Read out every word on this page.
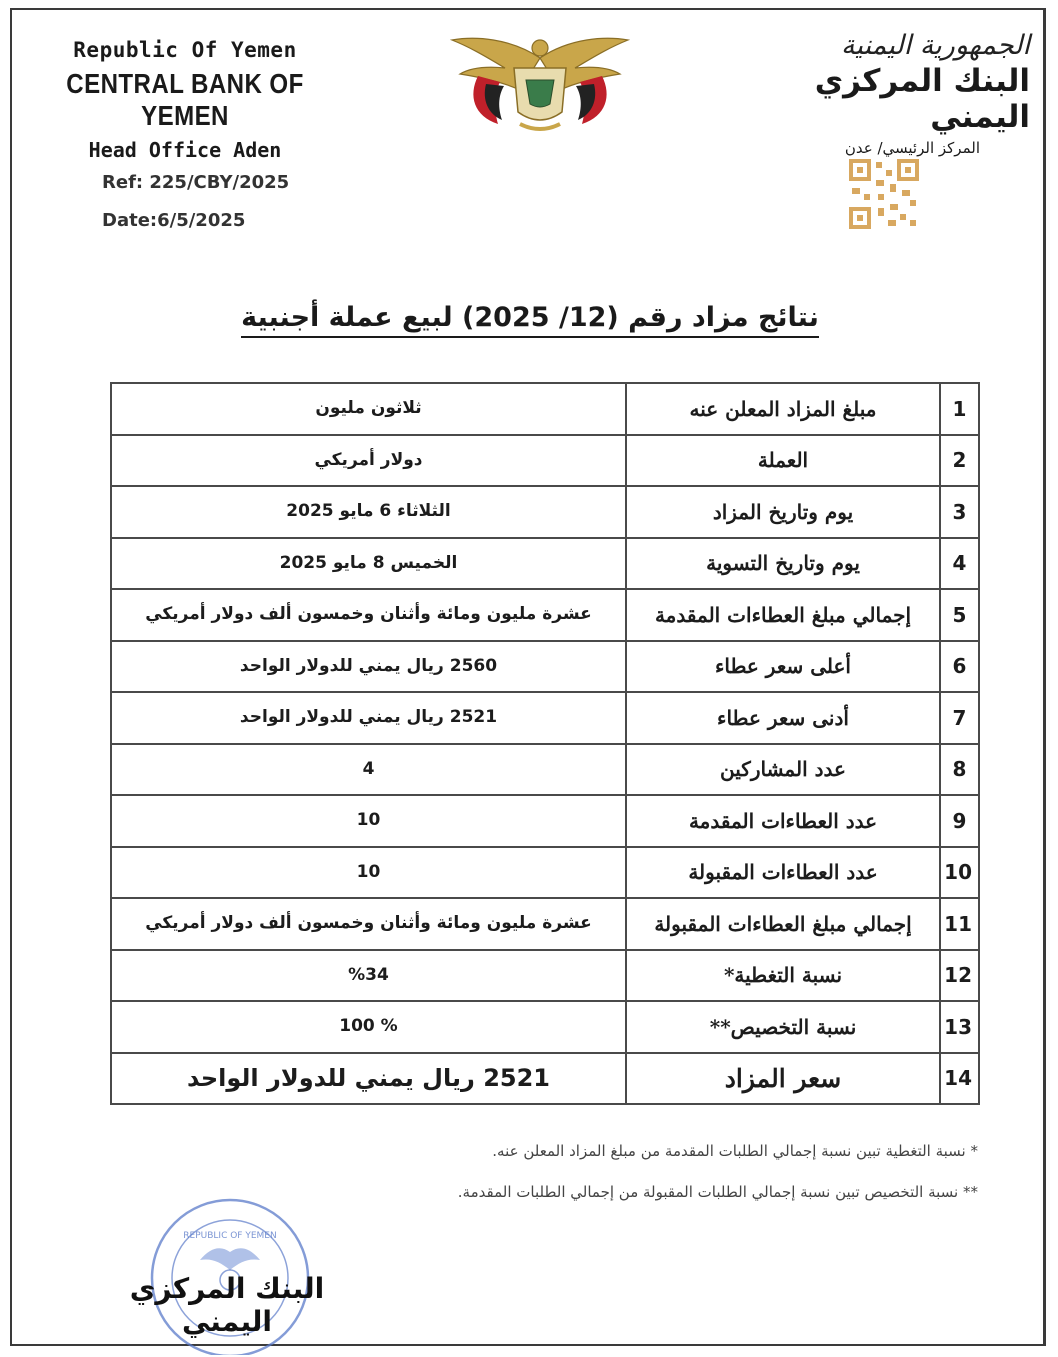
Republic Of Yemen
CENTRAL BANK OF YEMEN
Head Office Aden
Ref: 225/CBY/2025
Date:6/5/2025
الجمهورية اليمنية
البنك المركزي اليمني
المركز الرئيسي/ عدن
نتائج مزاد رقم (12/ 2025) لبيع عملة أجنبية
1	مبلغ المزاد المعلن عنه	ثلاثون مليون
2	العملة	دولار أمريكي
3	يوم وتاريخ المزاد	الثلاثاء 6 مايو 2025
4	يوم وتاريخ التسوية	الخميس 8 مايو 2025
5	إجمالي مبلغ العطاءات المقدمة	عشرة مليون ومائة وأثنان وخمسون ألف دولار أمريكي
6	أعلى سعر عطاء	2560 ريال يمني للدولار الواحد
7	أدنى سعر عطاء	2521 ريال يمني للدولار الواحد
8	عدد المشاركين	4
9	عدد العطاءات المقدمة	10
10	عدد العطاءات المقبولة	10
11	إجمالي مبلغ العطاءات المقبولة	عشرة مليون ومائة وأثنان وخمسون ألف دولار أمريكي
12	نسبة التغطية*	%34
13	نسبة التخصيص**	% 100
14	سعر المزاد	2521 ريال يمني للدولار الواحد
* نسبة التغطية تبين نسبة إجمالي الطلبات المقدمة من مبلغ المزاد المعلن عنه.
** نسبة التخصيص تبين نسبة إجمالي الطلبات المقبولة من إجمالي الطلبات المقدمة.
REPUBLIC OF YEMEN
البنك المركزي اليمني
